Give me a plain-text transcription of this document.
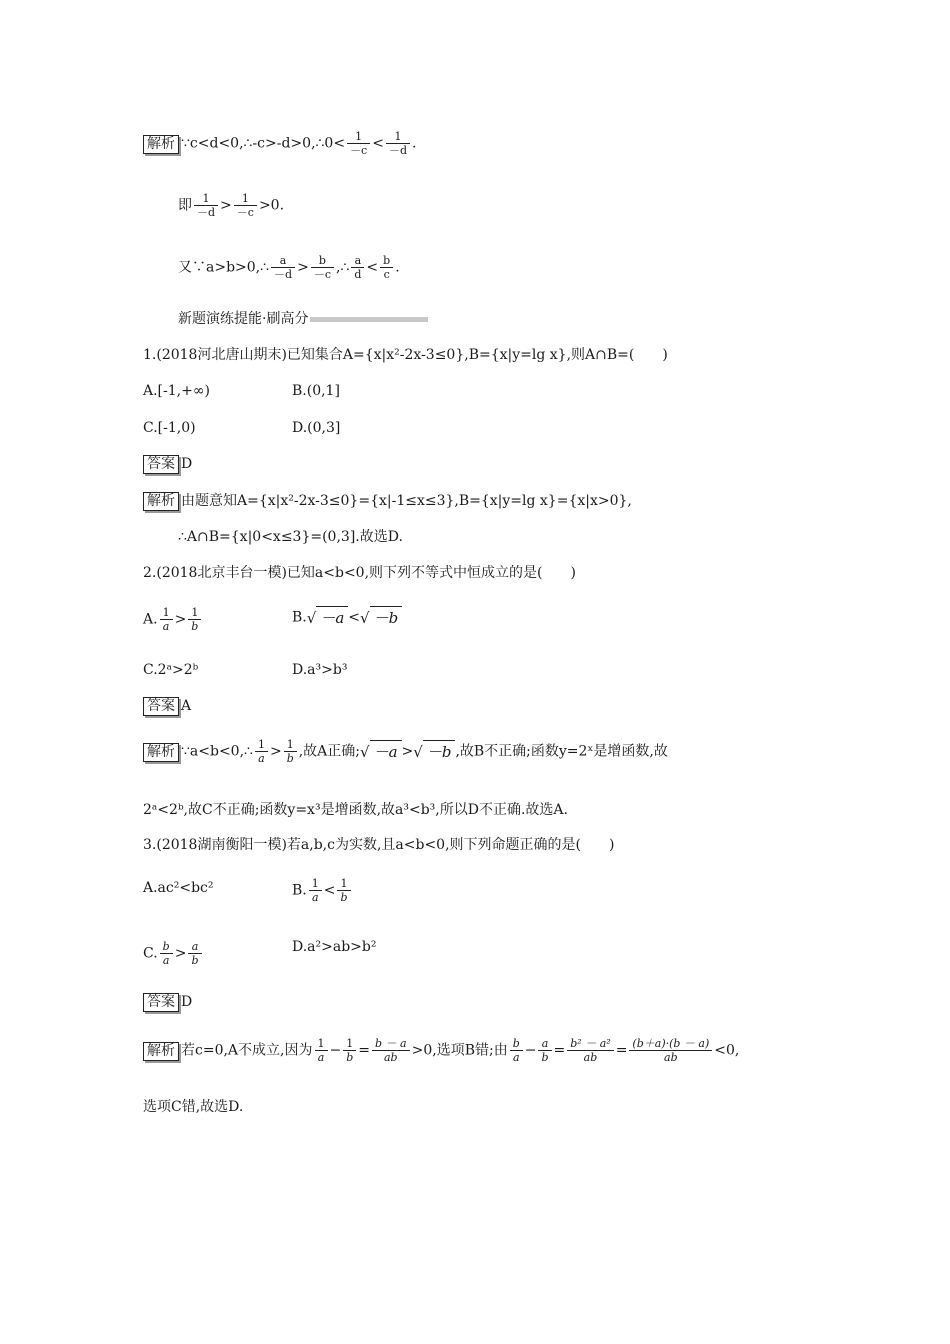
解析 ∵c<d<0,∴-c>-d>0,∴0< $\frac{1}{-c} < \frac{1}{-d}$ .
即 $\frac{1}{-d} > \frac{1}{-c} >0$.
又∵a>b>0,∴ $\frac{a}{-d} > \frac{b}{-c}$ ,∴ $\frac{a}{d} < \frac{b}{c}$ .
新题演练提能·刷高分
1.(2018河北唐山期末)已知集合A={x|x²-2x-3≤0},B={x|y=lg x},则A∩B=(　　)
A.[-1,+∞)	B.(0,1]
C.[-1,0)	D.(0,3]
答案 D
解析 由题意知A={x|x²-2x-3≤0}={x|-1≤x≤3},B={x|y=lg x}={x|x>0},
∴A∩B={x|0<x≤3}=(0,3].故选D.
2.(2018北京丰台一模)已知a<b<0,则下列不等式中恒成立的是(　　)
A. $\frac{1}{a} > \frac{1}{b}$	B.√ －a <√ －b
C.2ᵃ>2ᵇ	D.a³>b³
答案 A
解析 ∵a<b<0,∴ $\frac{1}{a} > \frac{1}{b}$ ,故A正确;√ －a >√ －b ,故B不正确;函数y=2ˣ是增函数,故
2ᵃ<2ᵇ,故C不正确;函数y=x³是增函数,故a³<b³,所以D不正确.故选A.
3.(2018湖南衡阳一模)若a,b,c为实数,且a<b<0,则下列命题正确的是(　　)
A.ac²<bc²	B. $\frac{1}{a} < \frac{1}{b}$
C. $\frac{b}{a} > \frac{a}{b}$	D.a²>ab>b²
答案 D
解析 若c=0,A不成立,因为 $\frac{1}{a} - \frac{1}{b} = \frac{b - a}{ab} >0$,选项B错;由 $\frac{b}{a} - \frac{a}{b} = \frac{\text{b² － a²}}{ab} = \frac{(b+a)\cdot(b - a)}{ab} <0$,
选项C错,故选D.
